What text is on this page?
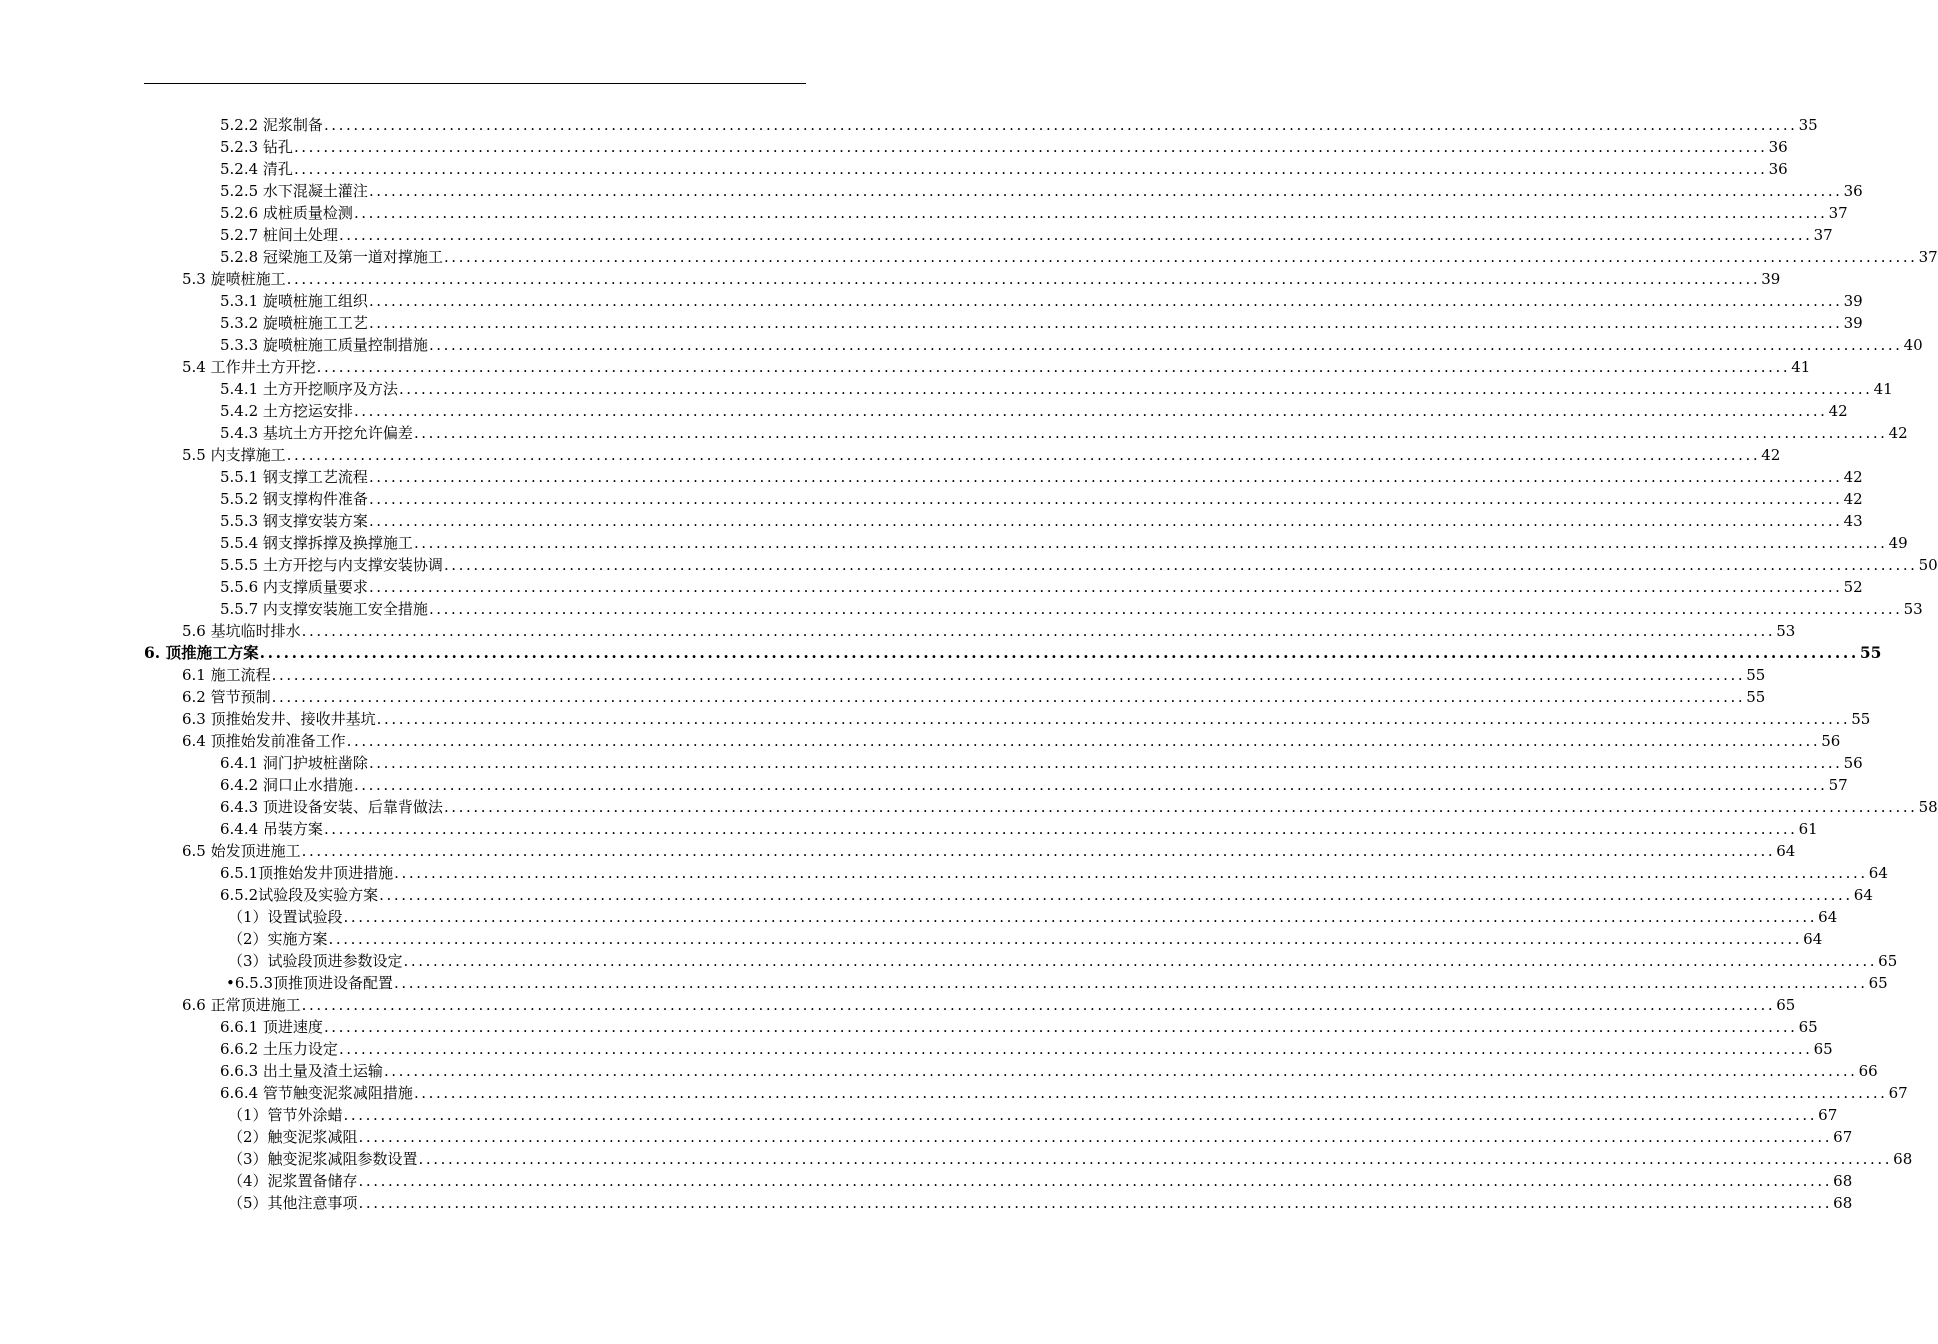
5.2.2 泥浆制备 ........................................................................................................................................................................................................ 35
5.2.3 钻孔 ........................................................................................................................................................................................................ 36
5.2.4 清孔 ........................................................................................................................................................................................................ 36
5.2.5 水下混凝土灌注 ........................................................................................................................................................................................................ 36
5.2.6 成桩质量检测 ........................................................................................................................................................................................................ 37
5.2.7 桩间土处理 ........................................................................................................................................................................................................ 37
5.2.8 冠梁施工及第一道对撑施工 ........................................................................................................................................................................................................ 37
5.3 旋喷桩施工 ........................................................................................................................................................................................................ 39
5.3.1 旋喷桩施工组织 ........................................................................................................................................................................................................ 39
5.3.2 旋喷桩施工工艺 ........................................................................................................................................................................................................ 39
5.3.3 旋喷桩施工质量控制措施 ........................................................................................................................................................................................................ 40
5.4 工作井土方开挖 ........................................................................................................................................................................................................ 41
5.4.1 土方开挖顺序及方法 ........................................................................................................................................................................................................ 41
5.4.2 土方挖运安排 ........................................................................................................................................................................................................ 42
5.4.3 基坑土方开挖允许偏差 ........................................................................................................................................................................................................ 42
5.5 内支撑施工 ........................................................................................................................................................................................................ 42
5.5.1 钢支撑工艺流程 ........................................................................................................................................................................................................ 42
5.5.2 钢支撑构件准备 ........................................................................................................................................................................................................ 42
5.5.3 钢支撑安装方案 ........................................................................................................................................................................................................ 43
5.5.4 钢支撑拆撑及换撑施工 ........................................................................................................................................................................................................ 49
5.5.5 土方开挖与内支撑安装协调 ........................................................................................................................................................................................................ 50
5.5.6 内支撑质量要求 ........................................................................................................................................................................................................ 52
5.5.7 内支撑安装施工安全措施 ........................................................................................................................................................................................................ 53
5.6 基坑临时排水 ........................................................................................................................................................................................................ 53
6. 顶推施工方案 ........................................................................................................................................................................................................ 55
6.1 施工流程 ........................................................................................................................................................................................................ 55
6.2 管节预制 ........................................................................................................................................................................................................ 55
6.3 顶推始发井、接收井基坑 ........................................................................................................................................................................................................ 55
6.4 顶推始发前准备工作 ........................................................................................................................................................................................................ 56
6.4.1 洞门护坡桩凿除 ........................................................................................................................................................................................................ 56
6.4.2 洞口止水措施 ........................................................................................................................................................................................................ 57
6.4.3 顶进设备安装、后靠背做法 ........................................................................................................................................................................................................ 58
6.4.4 吊装方案 ........................................................................................................................................................................................................ 61
6.5 始发顶进施工 ........................................................................................................................................................................................................ 64
6.5.1顶推始发井顶进措施 ........................................................................................................................................................................................................ 64
6.5.2试验段及实验方案 ........................................................................................................................................................................................................ 64
（1）设置试验段 ........................................................................................................................................................................................................ 64
（2）实施方案 ........................................................................................................................................................................................................ 64
（3）试验段顶进参数设定 ........................................................................................................................................................................................................ 65
•6.5.3顶推顶进设备配置 ........................................................................................................................................................................................................ 65
6.6 正常顶进施工 ........................................................................................................................................................................................................ 65
6.6.1 顶进速度 ........................................................................................................................................................................................................ 65
6.6.2 土压力设定 ........................................................................................................................................................................................................ 65
6.6.3 出土量及渣土运输 ........................................................................................................................................................................................................ 66
6.6.4 管节触变泥浆减阻措施 ........................................................................................................................................................................................................ 67
（1）管节外涂蜡 ........................................................................................................................................................................................................ 67
（2）触变泥浆减阻 ........................................................................................................................................................................................................ 67
（3）触变泥浆减阻参数设置 ........................................................................................................................................................................................................ 68
（4）泥浆置备储存 ........................................................................................................................................................................................................ 68
（5）其他注意事项 ........................................................................................................................................................................................................ 68
